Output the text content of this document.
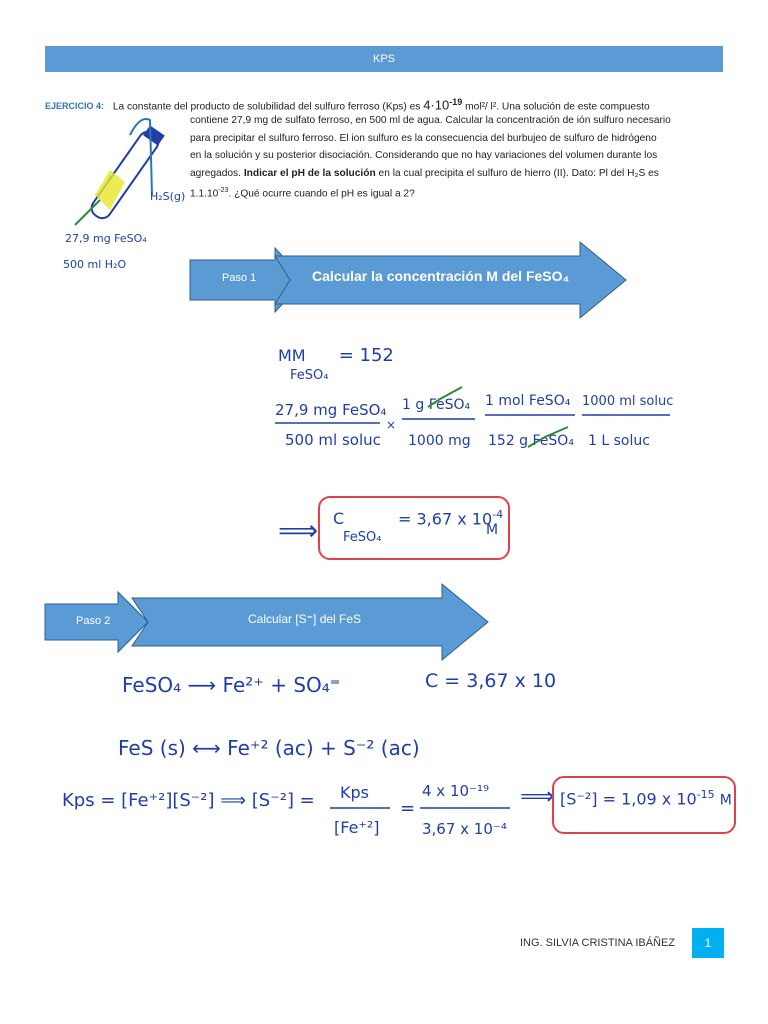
KPS
H₂S(g)
27,9 mg FeSO₄
500 ml H₂O
EJERCICIO 4: La constante del producto de solubilidad del sulfuro ferroso (Kps) es $4\cdot 10^{-19}$ mol²/ l². Una solución de este compuesto
contiene 27,9 mg de sulfato ferroso, en 500 ml de agua. Calcular la concentración de ión sulfuro necesario
para precipitar el sulfuro ferroso. El ion sulfuro es la consecuencia del burbujeo de sulfuro de hidrógeno
en la solución y su posterior disociación. Considerando que no hay variaciones del volumen durante los
agregados. Indicar el pH de la solución en la cual precipita el sulfuro de hierro (II). Dato: Pl del H₂S es
$1.1.10^{-23}$. ¿Qué ocurre cuando el pH es igual a 2?
Paso 1	Calcular la concentración M del FeSO₄
MM = 152
FeSO₄
27,9 mg FeSO₄
500 ml soluc
×
1 g FeSO₄
1000 mg
1 mol FeSO₄
152 g FeSO₄
1000 ml soluc
1 L soluc
⟹ C
FeSO₄
= 3,67 x $10^{-4}$
M
Paso 2	Calcular [S⁼] del FeS
FeSO₄ ⟶ Fe²⁺ + SO₄⁼	C = 3,67 x 10
FeS (s) ⟷ Fe⁺² (ac) + S⁻² (ac)
Kps = [Fe⁺²][S⁻²] ⟹ [S⁻²] = Kps
[Fe⁺²]
=
4 x 10⁻¹⁹
3,67 x 10⁻⁴
⟹ [S⁻²] = 1,09 x $10^{-15}$ M
ING. SILVIA CRISTINA IBÁÑEZ	1
